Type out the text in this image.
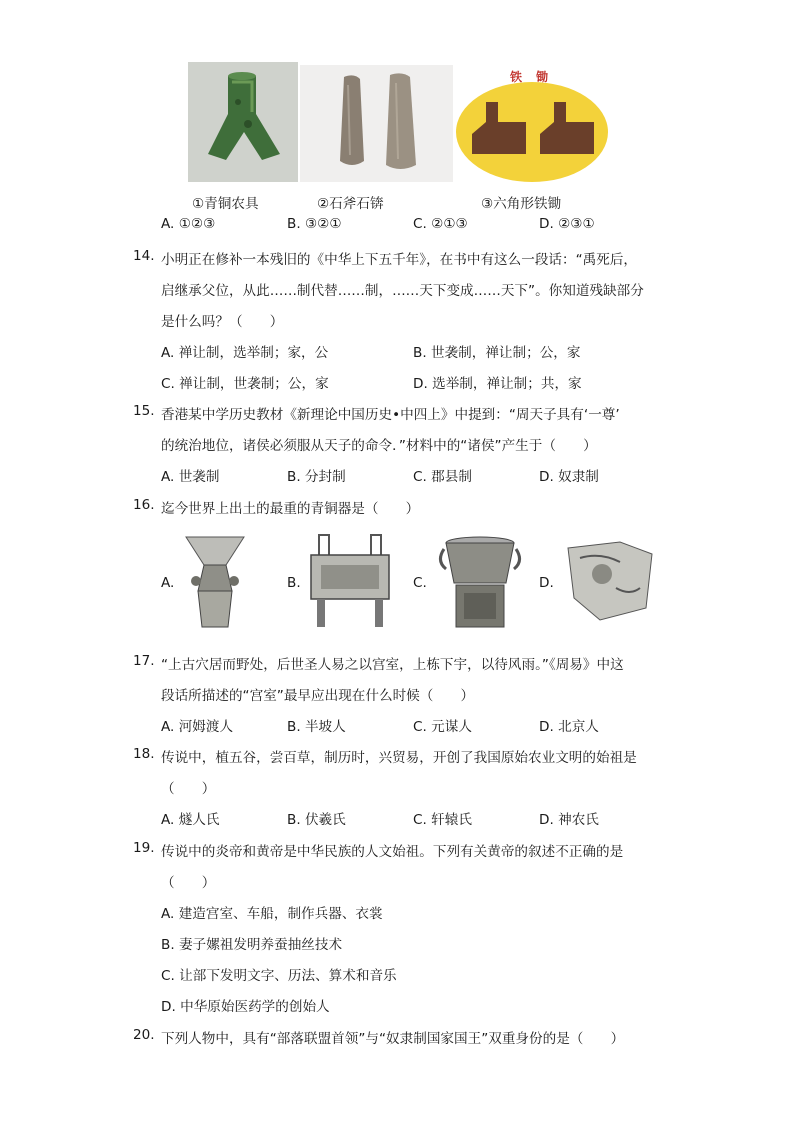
铁锄
①青铜农具	②石斧石锛	③六角形铁锄
A. ①②③	B. ③②①	C. ②①③	D. ②③①
14. 小明正在修补一本残旧的《中华上下五千年》，在书中有这么一段话：“禹死后，
启继承父位，从此……制代替……制，……天下变成……天下”。你知道残缺部分
是什么吗？（　　）
A. 禅让制，选举制；家，公	B. 世袭制，禅让制；公，家
C. 禅让制，世袭制；公，家	D. 选举制，禅让制；共，家
15. 香港某中学历史教材《新理论中国历史•中四上》中提到：“周天子具有‘一尊’
的统治地位，诸侯必须服从天子的命令．”材料中的“诸侯”产生于（　　）
A. 世袭制	B. 分封制	C. 郡县制	D. 奴隶制
16. 迄今世界上出土的最重的青铜器是（　　）
A.	B.	C.	D.
17. “上古穴居而野处，后世圣人易之以宫室，上栋下宇，以待风雨。”《周易》中这
段话所描述的“宫室”最早应出现在什么时候（　　）
A. 河姆渡人	B. 半坡人	C. 元谋人	D. 北京人
18. 传说中，植五谷，尝百草，制历时，兴贸易，开创了我国原始农业文明的始祖是
（　　）
A. 燧人氏	B. 伏羲氏	C. 轩辕氏	D. 神农氏
19. 传说中的炎帝和黄帝是中华民族的人文始祖。下列有关黄帝的叙述不正确的是
（　　）
A. 建造宫室、车船，制作兵器、衣裳
B. 妻子嫘祖发明养蚕抽丝技术
C. 让部下发明文字、历法、算术和音乐
D. 中华原始医药学的创始人
20. 下列人物中，具有“部落联盟首领”与“奴隶制国家国王”双重身份的是（　　）
